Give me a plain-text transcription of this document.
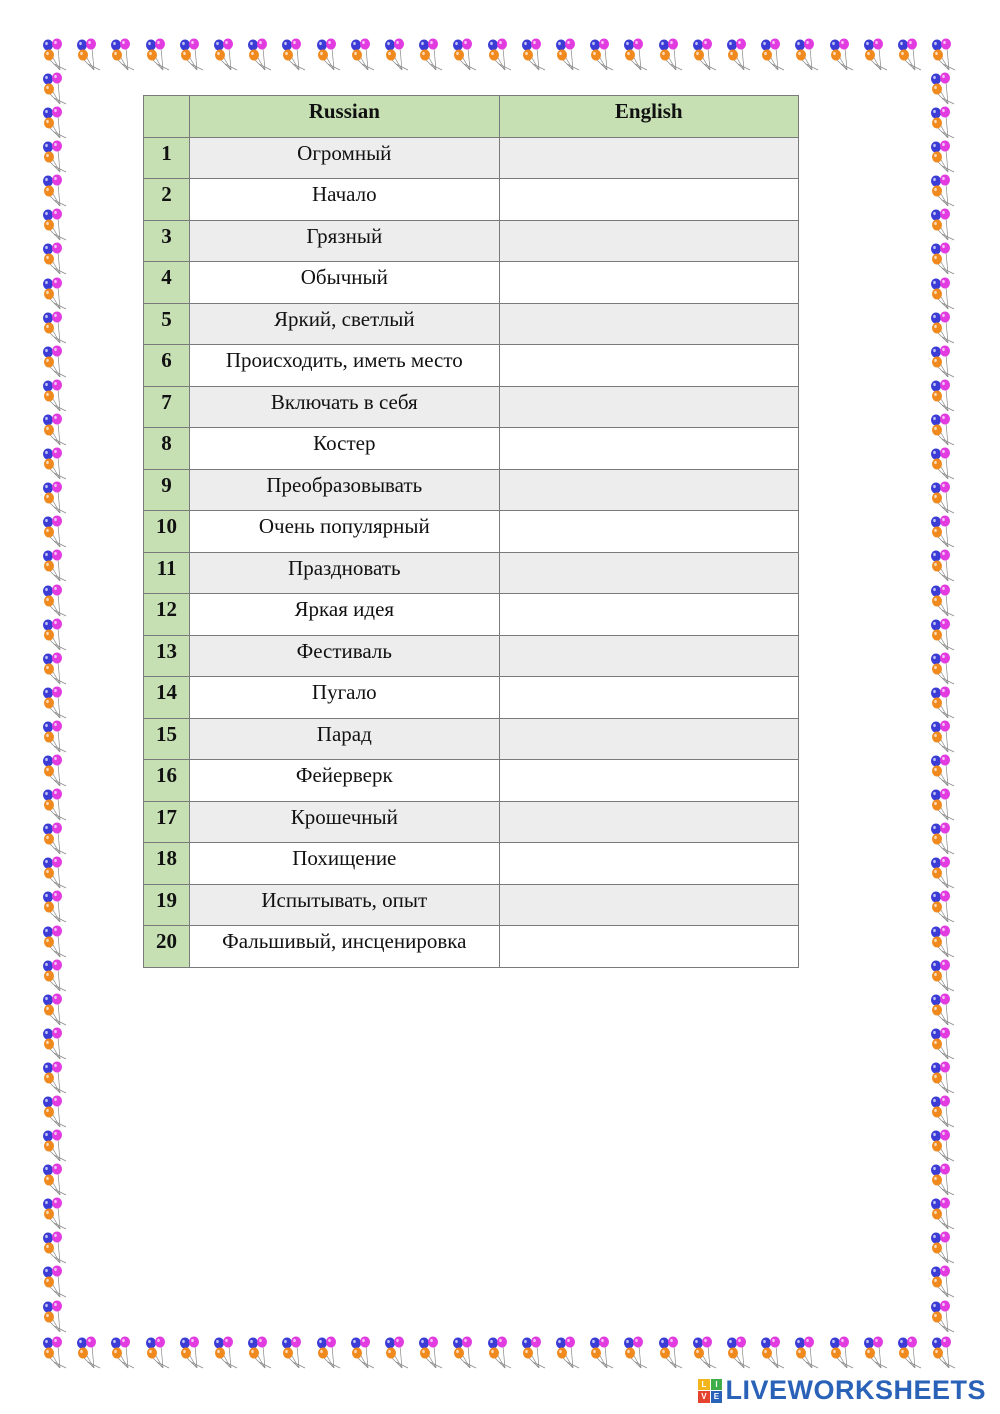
	Russian	English
1	Огромный	
2	Начало	
3	Грязный	
4	Обычный	
5	Яркий, светлый	
6	Происходить, иметь место	
7	Включать в себя	
8	Костер	
9	Преобразовывать	
10	Очень популярный	
11	Праздновать	
12	Яркая идея	
13	Фестиваль	
14	Пугало	
15	Парад	
16	Фейерверк	
17	Крошечный	
18	Похищение	
19	Испытывать, опыт	
20	Фальшивый, инсценировка	
L	I
V E LIVEWORKSHEETS
